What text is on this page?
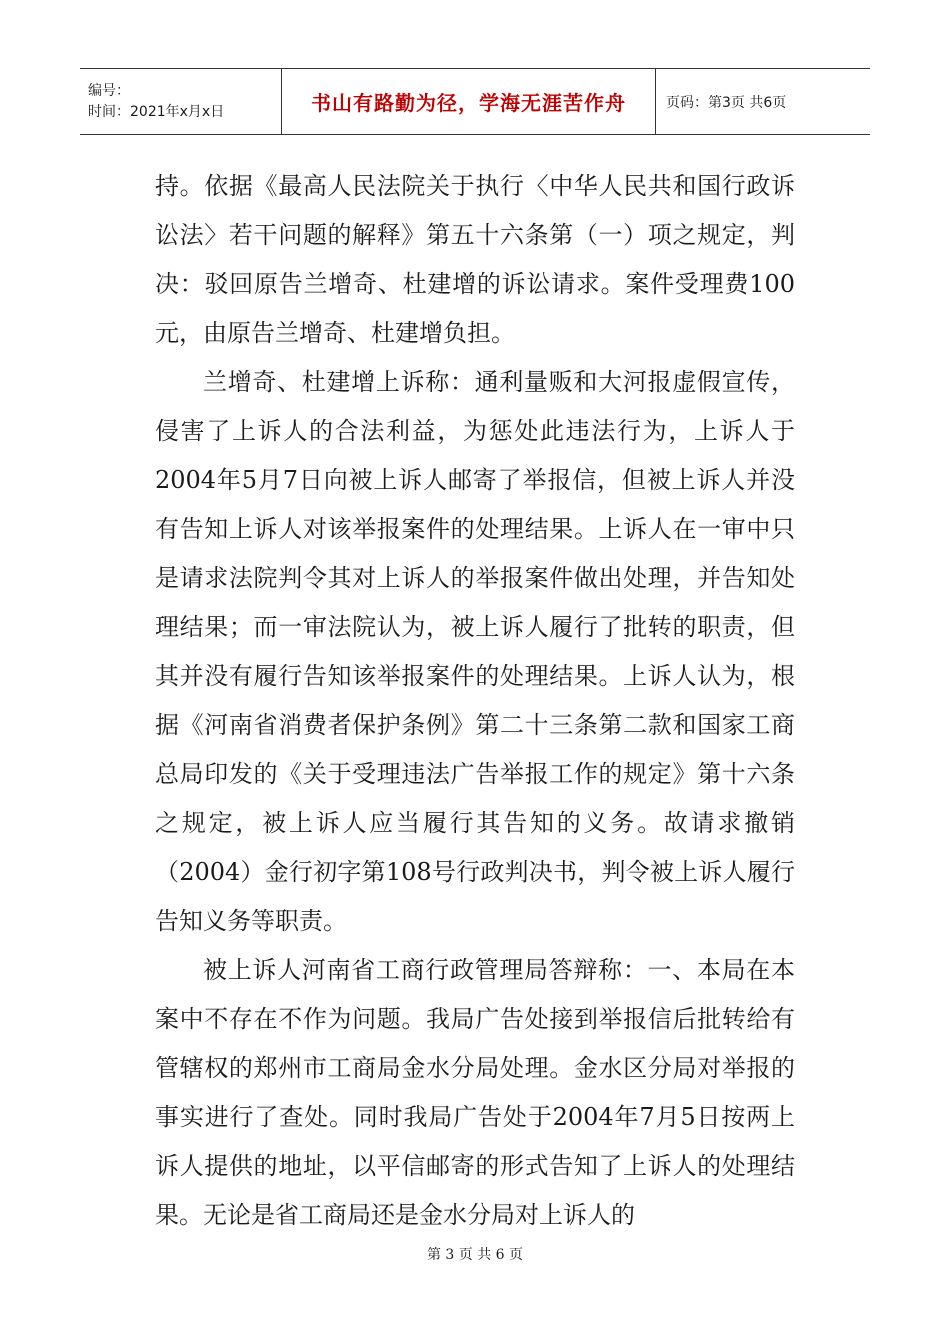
编号：
时间：2021年x月x日	书山有路勤为径，学海无涯苦作舟	页码：第3页 共6页

持。依据《最高人民法院关于执行〈中华人民共和国行政诉讼法〉若干问题的解释》第五十六条第（一）项之规定，判决：驳回原告兰增奇、杜建增的诉讼请求。案件受理费100元，由原告兰增奇、杜建增负担。

兰增奇、杜建增上诉称：通利量贩和大河报虚假宣传，侵害了上诉人的合法利益，为惩处此违法行为，上诉人于2004年5月7日向被上诉人邮寄了举报信，但被上诉人并没有告知上诉人对该举报案件的处理结果。上诉人在一审中只是请求法院判令其对上诉人的举报案件做出处理，并告知处理结果；而一审法院认为，被上诉人履行了批转的职责，但其并没有履行告知该举报案件的处理结果。上诉人认为，根据《河南省消费者保护条例》第二十三条第二款和国家工商总局印发的《关于受理违法广告举报工作的规定》第十六条之规定，被上诉人应当履行其告知的义务。故请求撤销（2004）金行初字第108号行政判决书，判令被上诉人履行告知义务等职责。

被上诉人河南省工商行政管理局答辩称：一、本局在本案中不存在不作为问题。我局广告处接到举报信后批转给有管辖权的郑州市工商局金水分局处理。金水区分局对举报的事实进行了查处。同时我局广告处于2004年7月5日按两上诉人提供的地址，以平信邮寄的形式告知了上诉人的处理结果。无论是省工商局还是金水分局对上诉人的

第 3 页 共 6 页
